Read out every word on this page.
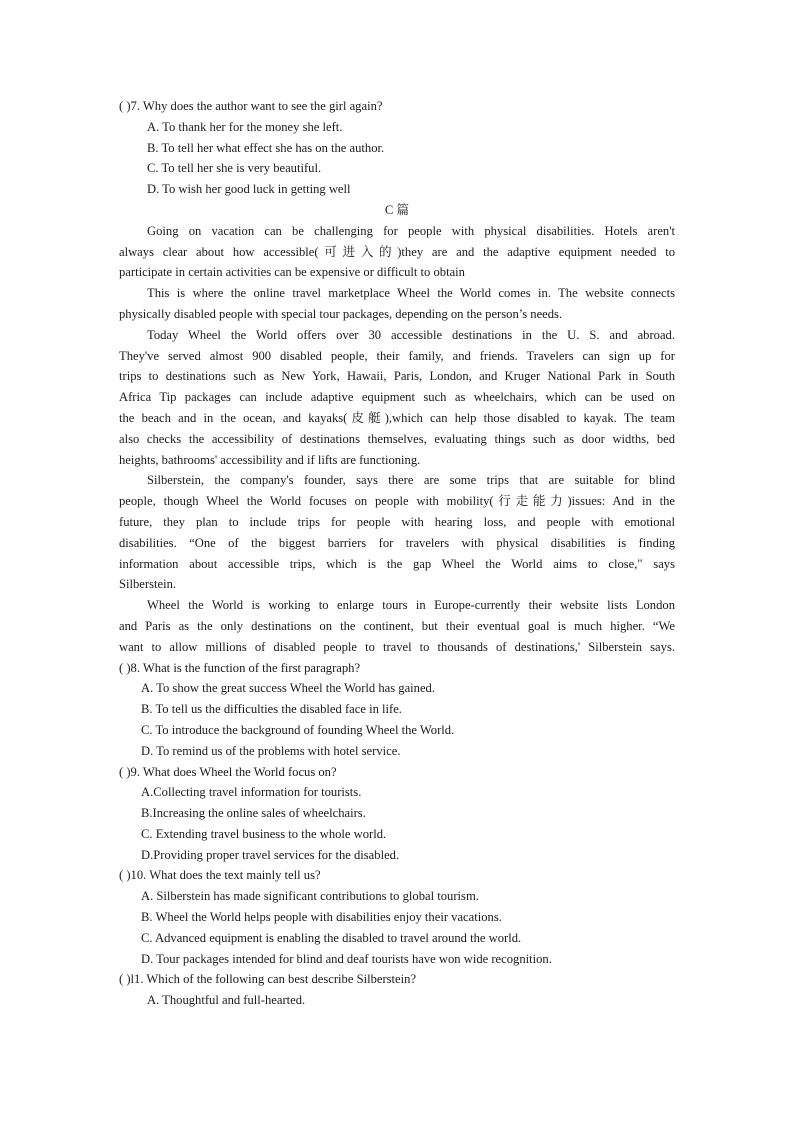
( )7. Why does the author want to see the girl again?
A. To thank her for the money she left.
B. To tell her what effect she has on the author.
C. To tell her she is very beautiful.
D. To wish her good luck in getting well
C 篇
Going on vacation can be challenging for people with physical disabilities. Hotels aren't
always clear about how accessible(可进入的)they are and the adaptive equipment needed to
participate in certain activities can be expensive or difficult to obtain
This is where the online travel marketplace Wheel the World comes in. The website connects
physically disabled people with special tour packages, depending on the person’s needs.
Today Wheel the World offers over 30 accessible destinations in the U. S. and abroad.
They've served almost 900 disabled people, their family, and friends. Travelers can sign up for
trips to destinations such as New York, Hawaii, Paris, London, and Kruger National Park in South
Africa Tip packages can include adaptive equipment such as wheelchairs, which can be used on
the beach and in the ocean, and kayaks(皮艇),which can help those disabled to kayak. The team
also checks the accessibility of destinations themselves, evaluating things such as door widths, bed
heights, bathrooms' accessibility and if lifts are functioning.
Silberstein, the company's founder, says there are some trips that are suitable for blind
people, though Wheel the World focuses on people with mobility(行走能力)issues: And in the
future, they plan to include trips for people with hearing loss, and people with emotional
disabilities. “One of the biggest barriers for travelers with physical disabilities is finding
information about accessible trips, which is the gap Wheel the World aims to close," says
Silberstein.
Wheel the World is working to enlarge tours in Europe-currently their website lists London
and Paris as the only destinations on the continent, but their eventual goal is much higher. “We
want to allow millions of disabled people to travel to thousands of destinations,' Silberstein says.
( )8. What is the function of the first paragraph?
A. To show the great success Wheel the World has gained.
B. To tell us the difficulties the disabled face in life.
C. To introduce the background of founding Wheel the World.
D. To remind us of the problems with hotel service.
( )9. What does Wheel the World focus on?
A.Collecting travel information for tourists.
B.Increasing the online sales of wheelchairs.
C. Extending travel business to the whole world.
D.Providing proper travel services for the disabled.
( )10. What does the text mainly tell us?
A. Silberstein has made significant contributions to global tourism.
B. Wheel the World helps people with disabilities enjoy their vacations.
C. Advanced equipment is enabling the disabled to travel around the world.
D. Tour packages intended for blind and deaf tourists have won wide recognition.
( )l1. Which of the following can best describe Silberstein?
A. Thoughtful and full-hearted.
